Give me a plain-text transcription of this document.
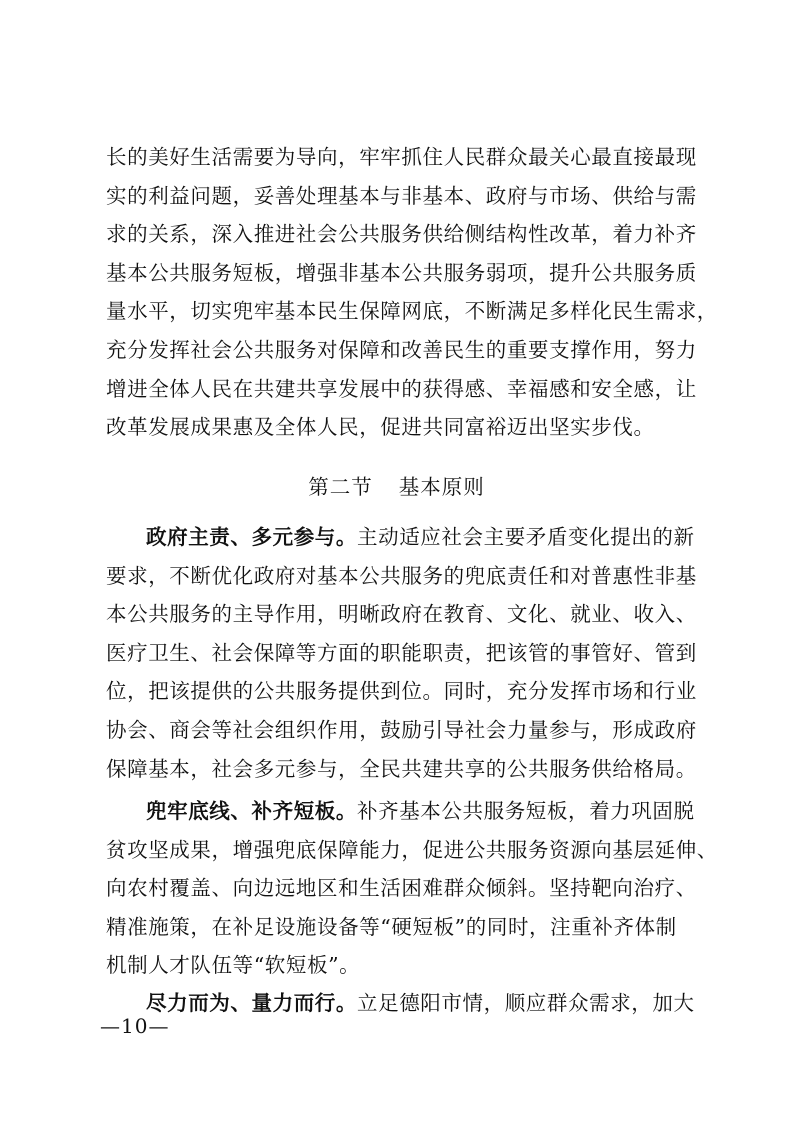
长的美好生活需要为导向，牢牢抓住人民群众最关心最直接最现
实的利益问题，妥善处理基本与非基本、政府与市场、供给与需
求的关系，深入推进社会公共服务供给侧结构性改革，着力补齐
基本公共服务短板，增强非基本公共服务弱项，提升公共服务质
量水平，切实兜牢基本民生保障网底，不断满足多样化民生需求，
充分发挥社会公共服务对保障和改善民生的重要支撑作用，努力
增进全体人民在共建共享发展中的获得感、幸福感和安全感，让
改革发展成果惠及全体人民，促进共同富裕迈出坚实步伐。
第二节 基本原则
政府主责、多元参与。主动适应社会主要矛盾变化提出的新
要求，不断优化政府对基本公共服务的兜底责任和对普惠性非基
本公共服务的主导作用，明晰政府在教育、文化、就业、收入、
医疗卫生、社会保障等方面的职能职责，把该管的事管好、管到
位，把该提供的公共服务提供到位。同时，充分发挥市场和行业
协会、商会等社会组织作用，鼓励引导社会力量参与，形成政府
保障基本，社会多元参与，全民共建共享的公共服务供给格局。
兜牢底线、补齐短板。补齐基本公共服务短板，着力巩固脱
贫攻坚成果，增强兜底保障能力，促进公共服务资源向基层延伸、
向农村覆盖、向边远地区和生活困难群众倾斜。坚持靶向治疗、
精准施策，在补足设施设备等“硬短板”的同时，注重补齐体制
机制人才队伍等“软短板”。
尽力而为、量力而行。立足德阳市情，顺应群众需求，加大
—10—
